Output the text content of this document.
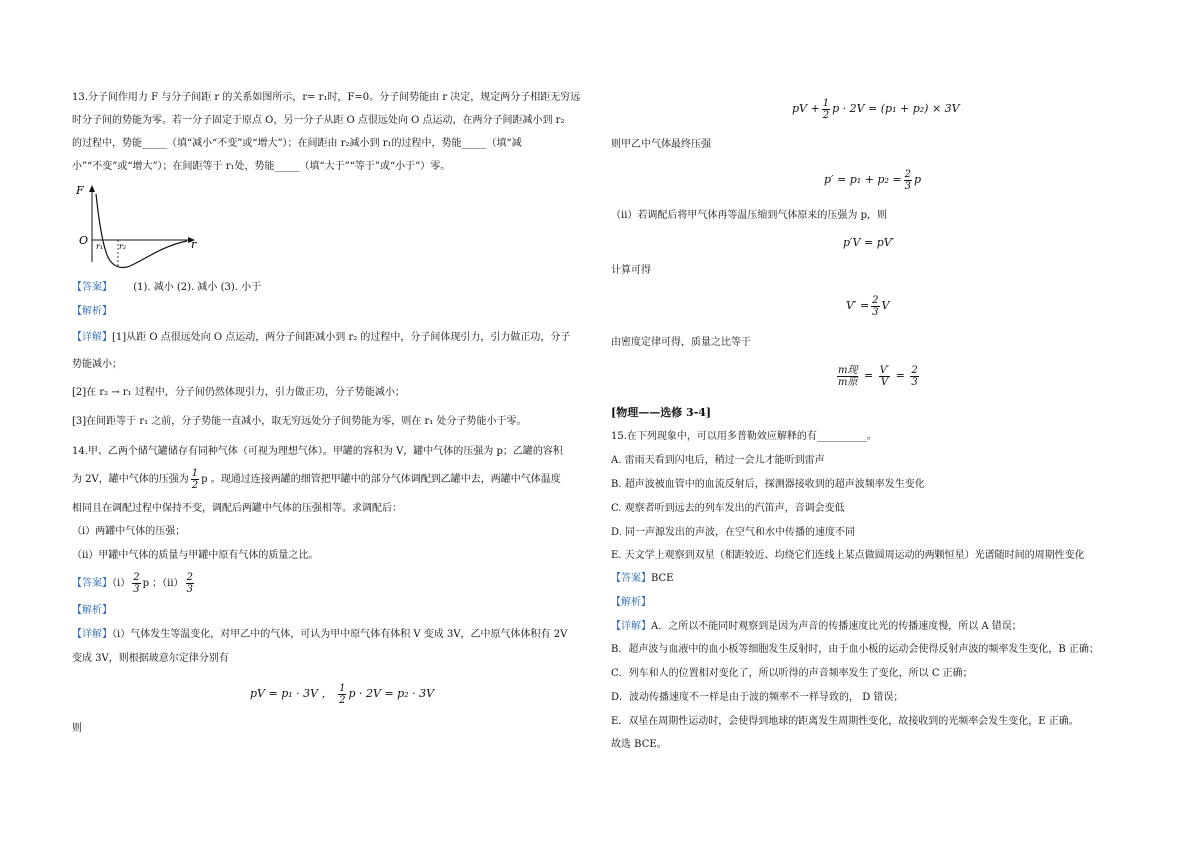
13.分子间作用力 F 与分子间距 r 的关系如图所示，r= r₁时，F=0。分子间势能由 r 决定，规定两分子相距无穷远
时分子间的势能为零。若一分子固定于原点 O，另一分子从距 O 点很远处向 O 点运动，在两分子间距减小到 r₂
的过程中，势能_____（填“减小“不变”或“增大”）；在间距由 r₂减小到 r₁的过程中，势能_____（填“减
小”“不变”或“增大”）；在间距等于 r₁处，势能_____（填“大于”“等于”或“小于”）零。
F
O	r
r₁ r₂
【答案】 (1). 减小 (2). 减小 (3). 小于
【解析】
【详解】[1]从距 O 点很远处向 O 点运动，两分子间距减小到 r₂ 的过程中，分子间体现引力，引力做正功，分子
势能减小；
[2]在 r₂ → r₁ 过程中，分子间仍然体现引力，引力做正功，分子势能减小；
[3]在间距等于 r₁ 之前，分子势能一直减小，取无穷远处分子间势能为零，则在 r₁ 处分子势能小于零。
14.甲、乙两个储气罐储存有同种气体（可视为理想气体）。甲罐的容积为 V，罐中气体的压强为 p；乙罐的容积
为 2V，罐中气体的压强为 $\frac{1}{2}$ p 。现通过连接两罐的细管把甲罐中的部分气体调配到乙罐中去，两罐中气体温度
相同且在调配过程中保持不变，调配后两罐中气体的压强相等。求调配后：
（i）两罐中气体的压强；
（ii）甲罐中气体的质量与甲罐中原有气体的质量之比。
【答案】$(i) \frac{2}{3}$ p ；$(ii) \frac{2}{3}$
【解析】
【详解】（i）气体发生等温变化，对甲乙中的气体，可认为甲中原气体有体积 V 变成 3V，乙中原气体体积有 2V
变成 3V，则根据玻意尔定律分别有
pV = p₁ · 3V ， $\frac{1}{2}$ p · 2V = p₂ · 3V
则
pV + $\frac{1}{2}$ p · 2V = (p₁ + p₂) × 3V
则甲乙中气体最终压强
$p' = p_1 + p_2 = \frac{2}{3}$ p
（ii）若调配后将甲气体再等温压缩到气体原来的压强为 p，则
p′V = pV′
计算可得
$V' = \frac{2}{3}$ V
由密度定律可得，质量之比等于
$\frac{\text{m现}}{\text{m原}} = \frac{V'}{V} = \frac{2}{3}$
[物理——选修 3-4]
15.在下列现象中，可以用多普勒效应解释的有__________。
A. 雷雨天看到闪电后，稍过一会儿才能听到雷声
B. 超声波被血管中的血流反射后，探测器接收到的超声波频率发生变化
C. 观察者听到远去的列车发出的汽笛声，音调会变低
D. 同一声源发出的声波，在空气和水中传播的速度不同
E. 天文学上观察到双星（相距较近、均绕它们连线上某点做圆周运动的两颗恒星）光谱随时间的周期性变化
【答案】BCE
【解析】
【详解】A．之所以不能同时观察到是因为声音的传播速度比光的传播速度慢，所以 A 错误；
B．超声波与血液中的血小板等细胞发生反射时，由于血小板的运动会使得反射声波的频率发生变化，B 正确；
C．列车和人的位置相对变化了，所以听得的声音频率发生了变化，所以 C 正确；
D．波动传播速度不一样是由于波的频率不一样导致的， D 错误；
E．双星在周期性运动时，会使得到地球的距离发生周期性变化，故接收到的光频率会发生变化，E 正确。
故选 BCE。
